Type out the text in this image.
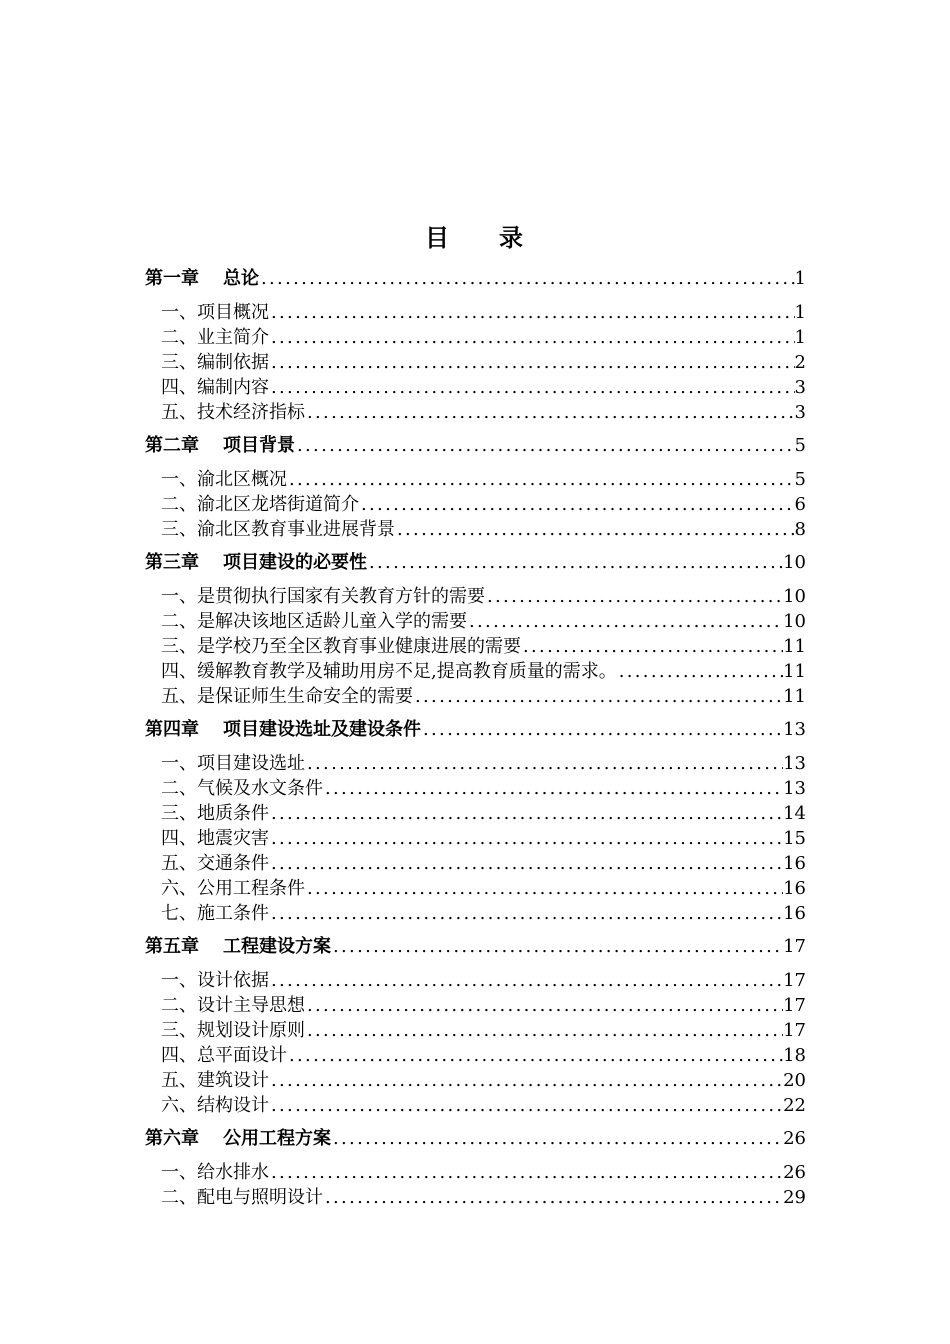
目 录
第一章 总论 .....	1
一、项目概况 .....	1
二、业主简介 .....	1
三、编制依据 .....	2
四、编制内容 .....	3
五、技术经济指标 .....	3
第二章 项目背景 .....	5
一、渝北区概况 .....	5
二、渝北区龙塔街道简介 .....	6
三、渝北区教育事业进展背景 .....	8
第三章 项目建设的必要性 .....	10
一、是贯彻执行国家有关教育方针的需要 .....	10
二、是解决该地区适龄儿童入学的需要 .....	10
三、是学校乃至全区教育事业健康进展的需要 .....	11
四、缓解教育教学及辅助用房不足,提高教育质量的需求。 .....	11
五、是保证师生生命安全的需要 .....	11
第四章 项目建设选址及建设条件 .....	13
一、项目建设选址 .....	13
二、气候及水文条件 .....	13
三、地质条件 .....	14
四、地震灾害 .....	15
五、交通条件 .....	16
六、公用工程条件 .....	16
七、施工条件 .....	16
第五章 工程建设方案 .....	17
一、设计依据 .....	17
二、设计主导思想 .....	17
三、规划设计原则 .....	17
四、总平面设计 .....	18
五、建筑设计 .....	20
六、结构设计 .....	22
第六章 公用工程方案 .....	26
一、给水排水 .....	26
二、配电与照明设计 .....	29
